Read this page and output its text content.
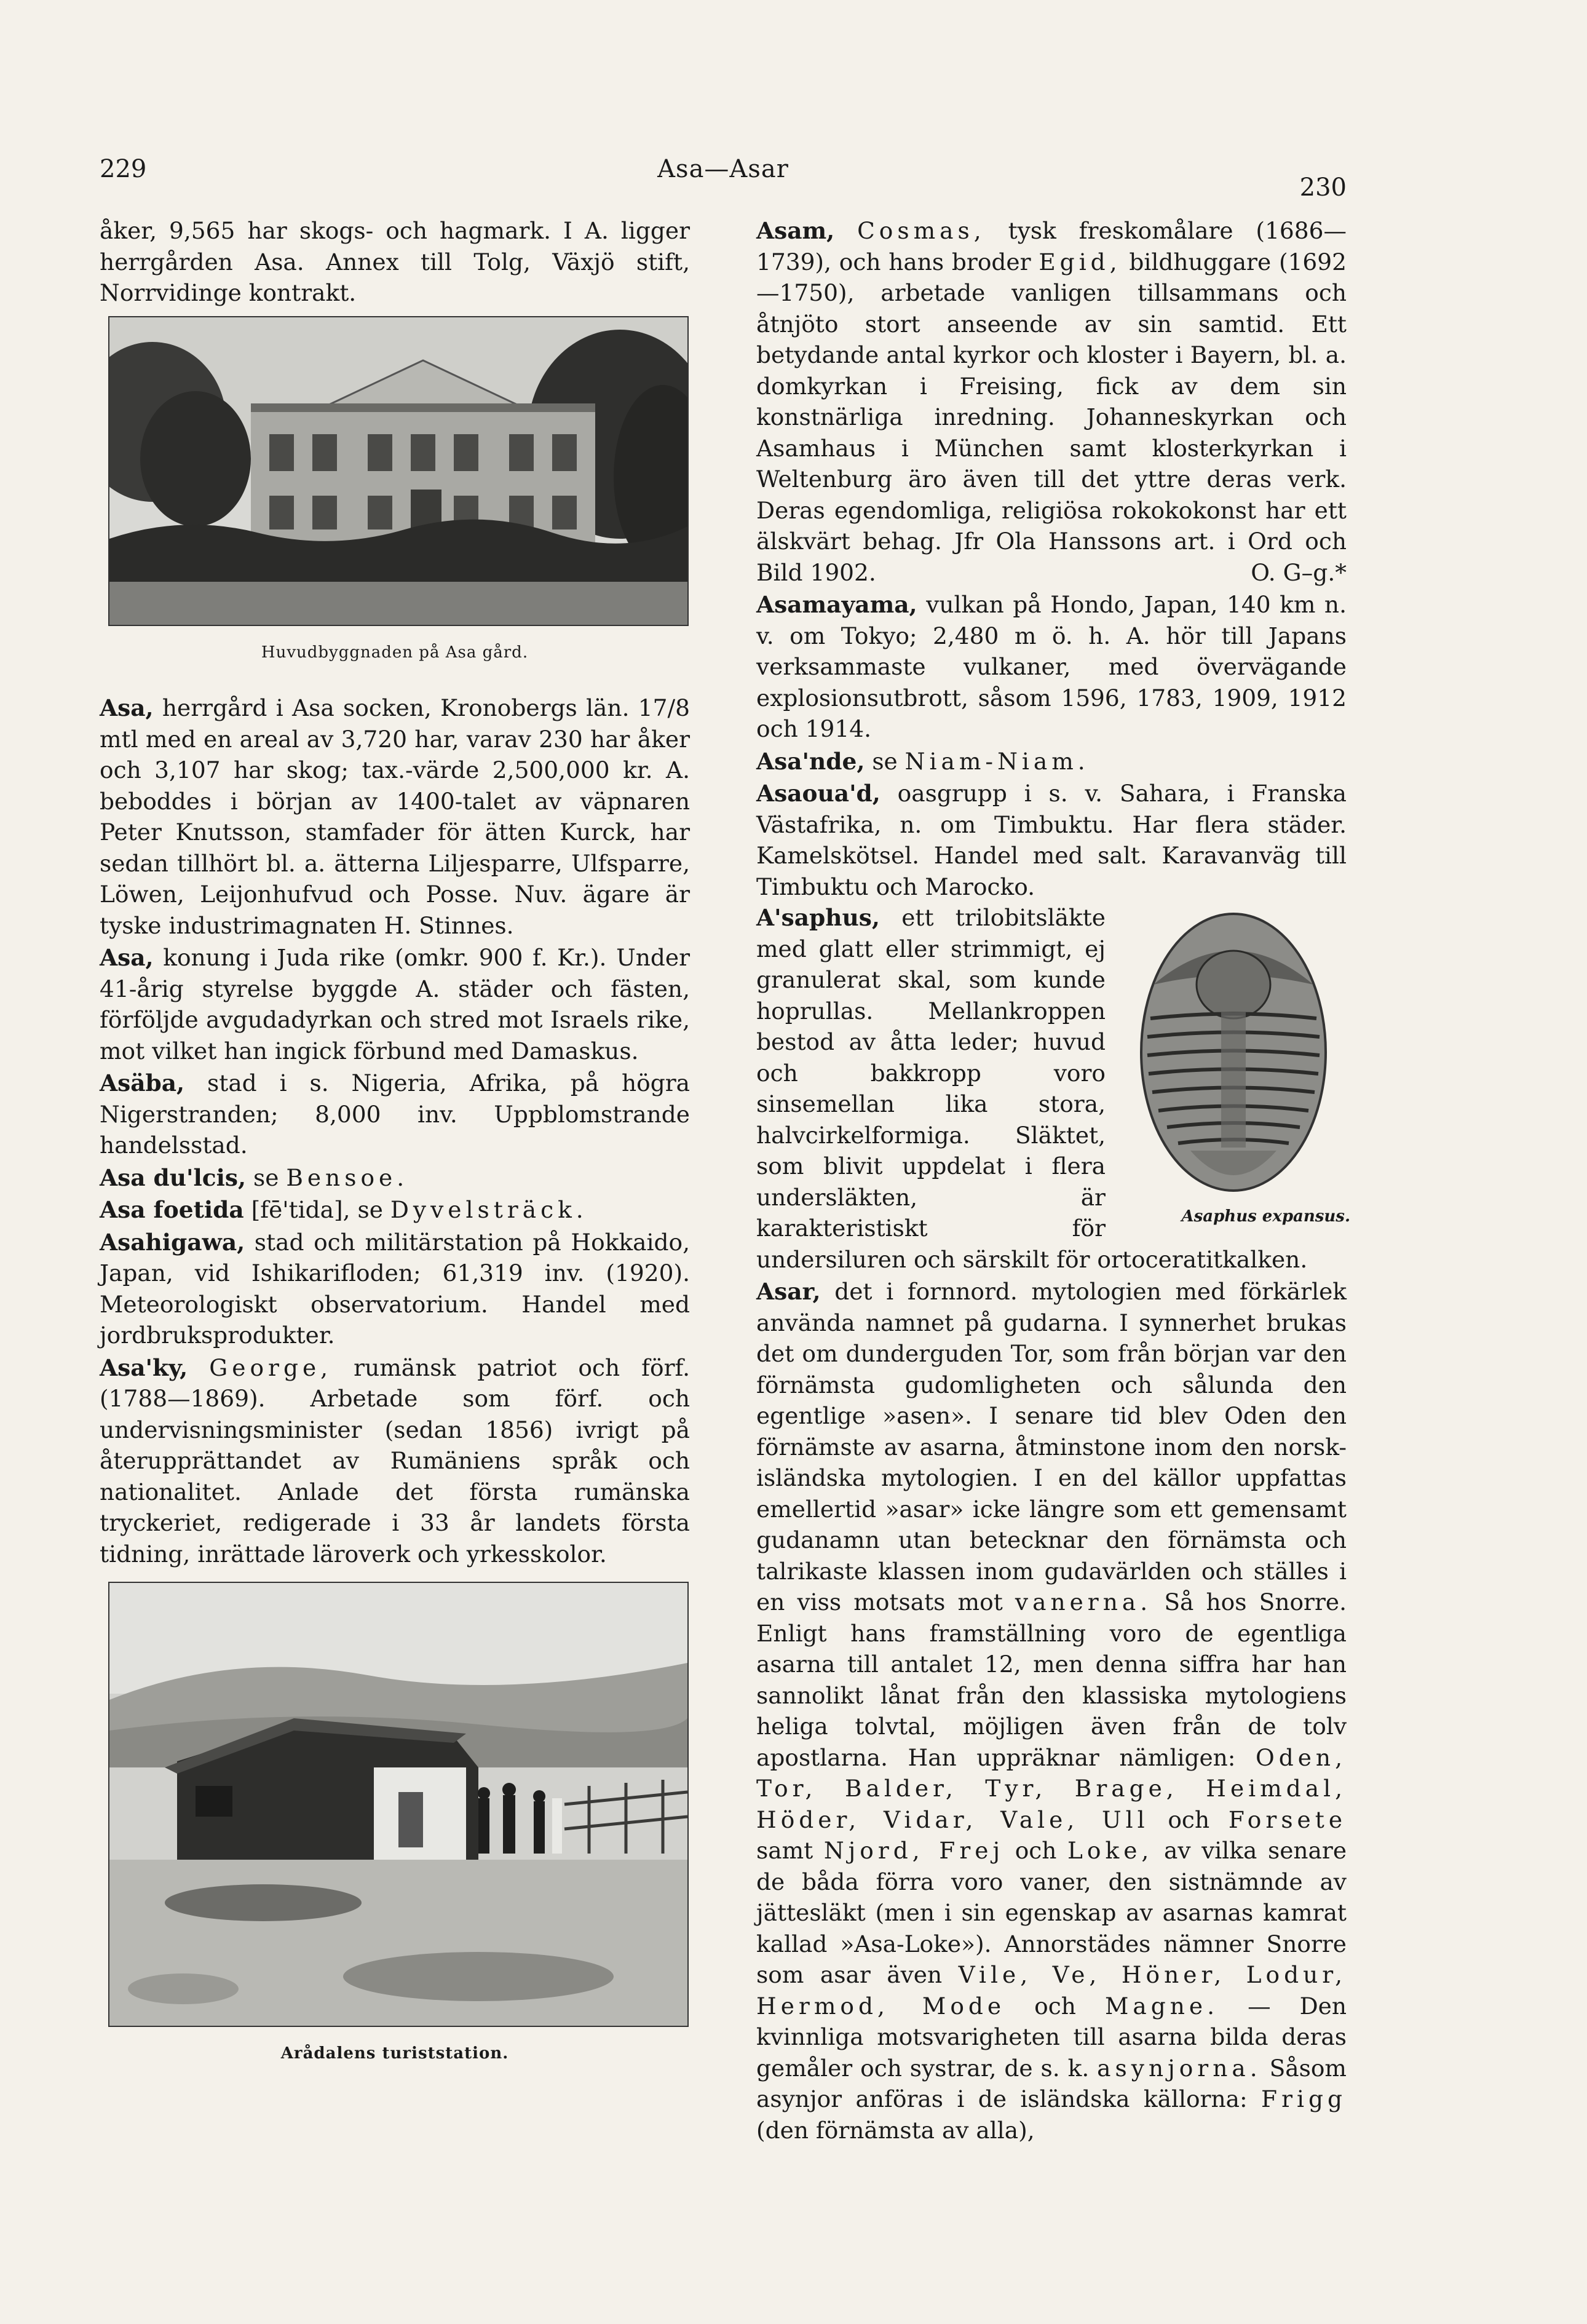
229	Asa—Asar
230

åker, 9,565 har skogs- och hagmark. I A. ligger herrgården Asa. Annex till Tolg, Växjö stift, Norrvidinge kontrakt.

Huvudbyggnaden på Asa gård.

Asa, herrgård i Asa socken, Kronobergs län. 17/8 mtl med en areal av 3,720 har, varav 230 har åker och 3,107 har skog; tax.-värde 2,500,000 kr. A. beboddes i början av 1400-talet av väpnaren Peter Knutsson, stamfader för ätten Kurck, har sedan tillhört bl. a. ätterna Liljesparre, Ulfsparre, Löwen, Leijonhufvud och Posse. Nuv. ägare är tyske industrimagnaten H. Stinnes.

Asa, konung i Juda rike (omkr. 900 f. Kr.). Under 41-årig styrelse byggde A. städer och fästen, förföljde avgudadyrkan och stred mot Israels rike, mot vilket han ingick förbund med Damaskus.

Asäba, stad i s. Nigeria, Afrika, på högra Nigerstranden; 8,000 inv. Uppblomstrande handelsstad.

Asa du'lcis, se Bensoe.

Asa foetida [fē'tida], se Dyvelsträck.

Asahigawa, stad och militärstation på Hokkaido, Japan, vid Ishikarifloden; 61,319 inv. (1920). Meteorologiskt observatorium. Handel med jordbruksprodukter.

Asa'ky, George, rumänsk patriot och förf. (1788—1869). Arbetade som förf. och undervisningsminister (sedan 1856) ivrigt på återupprättandet av Rumäniens språk och nationalitet. Anlade det första rumänska tryckeriet, redigerade i 33 år landets första tidning, inrättade läroverk och yrkesskolor.

Arådalens turiststation.

Asam, Cosmas, tysk freskomålare (1686—1739), och hans broder Egid, bildhuggare (1692—1750), arbetade vanligen tillsammans och åtnjöto stort anseende av sin samtid. Ett betydande antal kyrkor och kloster i Bayern, bl. a. domkyrkan i Freising, fick av dem sin konstnärliga inredning. Johanneskyrkan och Asamhaus i München samt klosterkyrkan i Weltenburg äro även till det yttre deras verk. Deras egendomliga, religiösa rokokokonst har ett älskvärt behag. Jfr Ola Hanssons art. i Ord och Bild 1902.	O. G–g.*

Asamayama, vulkan på Hondo, Japan, 140 km n. v. om Tokyo; 2,480 m ö. h. A. hör till Japans verksammaste vulkaner, med övervägande explosionsutbrott, såsom 1596, 1783, 1909, 1912 och 1914.

Asa'nde, se Niam-Niam.

Asaoua'd, oasgrupp i s. v. Sahara, i Franska Västafrika, n. om Timbuktu. Har flera städer. Kamelskötsel. Handel med salt. Karavanväg till Timbuktu och Marocko.

Asaphus expansus.

A'saphus, ett trilobitsläkte med glatt eller strimmigt, ej granulerat skal, som kunde hoprullas. Mellankroppen bestod av åtta leder; huvud och bakkropp voro sinsemellan lika stora, halvcirkelformiga. Släktet, som blivit uppdelat i flera undersläkten, är karakteristiskt för undersiluren och särskilt för ortoceratitkalken.

Asar, det i fornnord. mytologien med förkärlek använda namnet på gudarna. I synnerhet brukas det om dunderguden Tor, som från början var den förnämsta gudomligheten och sålunda den egentlige »asen». I senare tid blev Oden den förnämste av asarna, åtminstone inom den norsk-isländska mytologien. I en del källor uppfattas emellertid »asar» icke längre som ett gemensamt gudanamn utan betecknar den förnämsta och talrikaste klassen inom gudavärlden och ställes i en viss motsats mot vanerna. Så hos Snorre. Enligt hans framställning voro de egentliga asarna till antalet 12, men denna siffra har han sannolikt lånat från den klassiska mytologiens heliga tolvtal, möjligen även från de tolv apostlarna. Han uppräknar nämligen: Oden, Tor, Balder, Tyr, Brage, Heimdal, Höder, Vidar, Vale, Ull och Forsete samt Njord, Frej och Loke, av vilka senare de båda förra voro vaner, den sistnämnde av jättesläkt (men i sin egenskap av asarnas kamrat kallad »Asa-Loke»). Annorstädes nämner Snorre som asar även Vile, Ve, Höner, Lodur, Hermod, Mode och Magne. — Den kvinnliga motsvarigheten till asarna bilda deras gemåler och systrar, de s. k. asynjorna. Såsom asynjor anföras i de isländska källorna: Frigg (den förnämsta av alla),
